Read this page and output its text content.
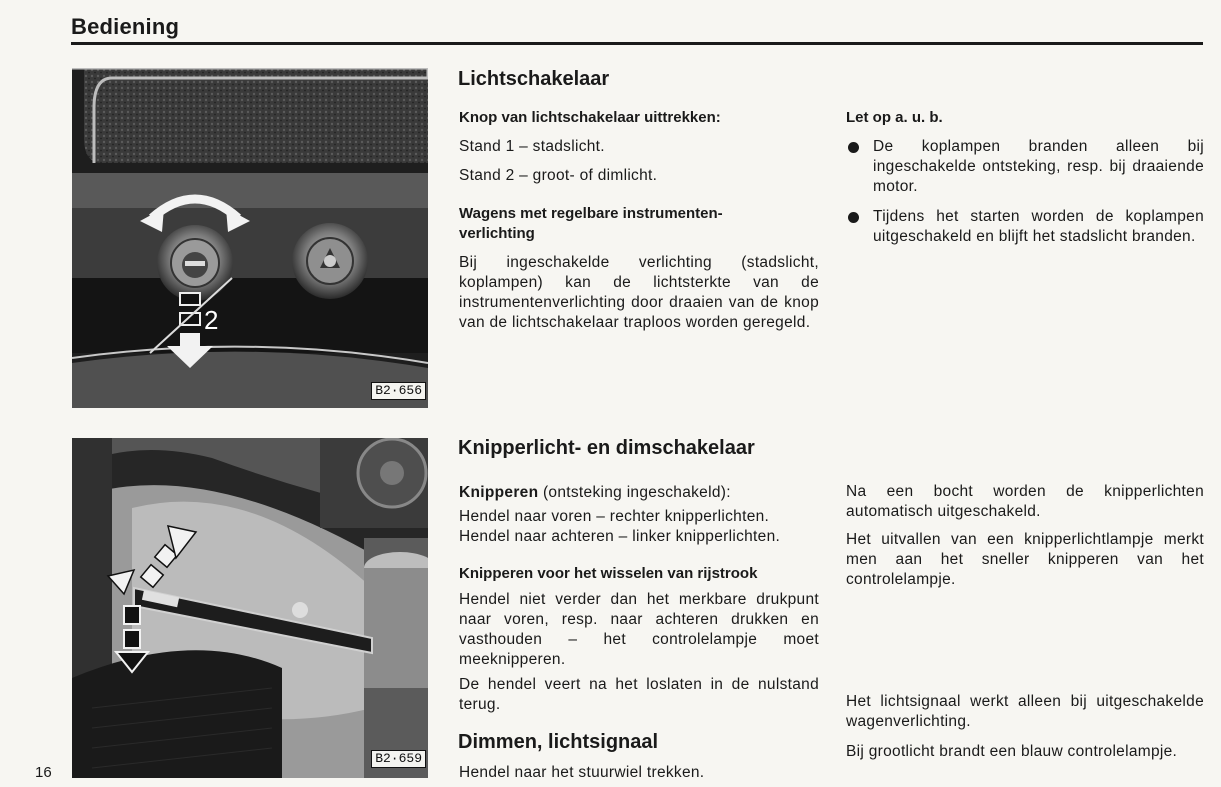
Bediening
2
B2·656
B2·659
Lichtschakelaar
Knop van lichtschakelaar uittrekken:
Stand 1 – stadslicht.
Stand 2 – groot- of dimlicht.
Wagens met regelbare instrumenten-verlichting
Bij ingeschakelde verlichting (stadslicht, koplampen) kan de lichtsterkte van de instrumentenverlichting door draaien van de knop van de lichtschakelaar traploos worden geregeld.
Let op a. u. b.
De koplampen branden alleen bij ingeschakelde ontsteking, resp. bij draaiende motor.
Tijdens het starten worden de koplampen uitgeschakeld en blijft het stadslicht branden.
Knipperlicht- en dimschakelaar
Knipperen (ontsteking ingeschakeld):
Hendel naar voren – rechter knipperlichten.
Hendel naar achteren – linker knipperlichten.
Knipperen voor het wisselen van rijstrook
Hendel niet verder dan het merkbare drukpunt naar voren, resp. naar achteren drukken en vasthouden – het controlelampje moet meeknipperen.
De hendel veert na het loslaten in de nulstand terug.
Na een bocht worden de knipperlichten automatisch uitgeschakeld.
Het uitvallen van een knipperlichtlampje merkt men aan het sneller knipperen van het controlelampje.
Dimmen, lichtsignaal
Hendel naar het stuurwiel trekken.
Het lichtsignaal werkt alleen bij uitgeschakelde wagenverlichting.
Bij grootlicht brandt een blauw controlelampje.
16
